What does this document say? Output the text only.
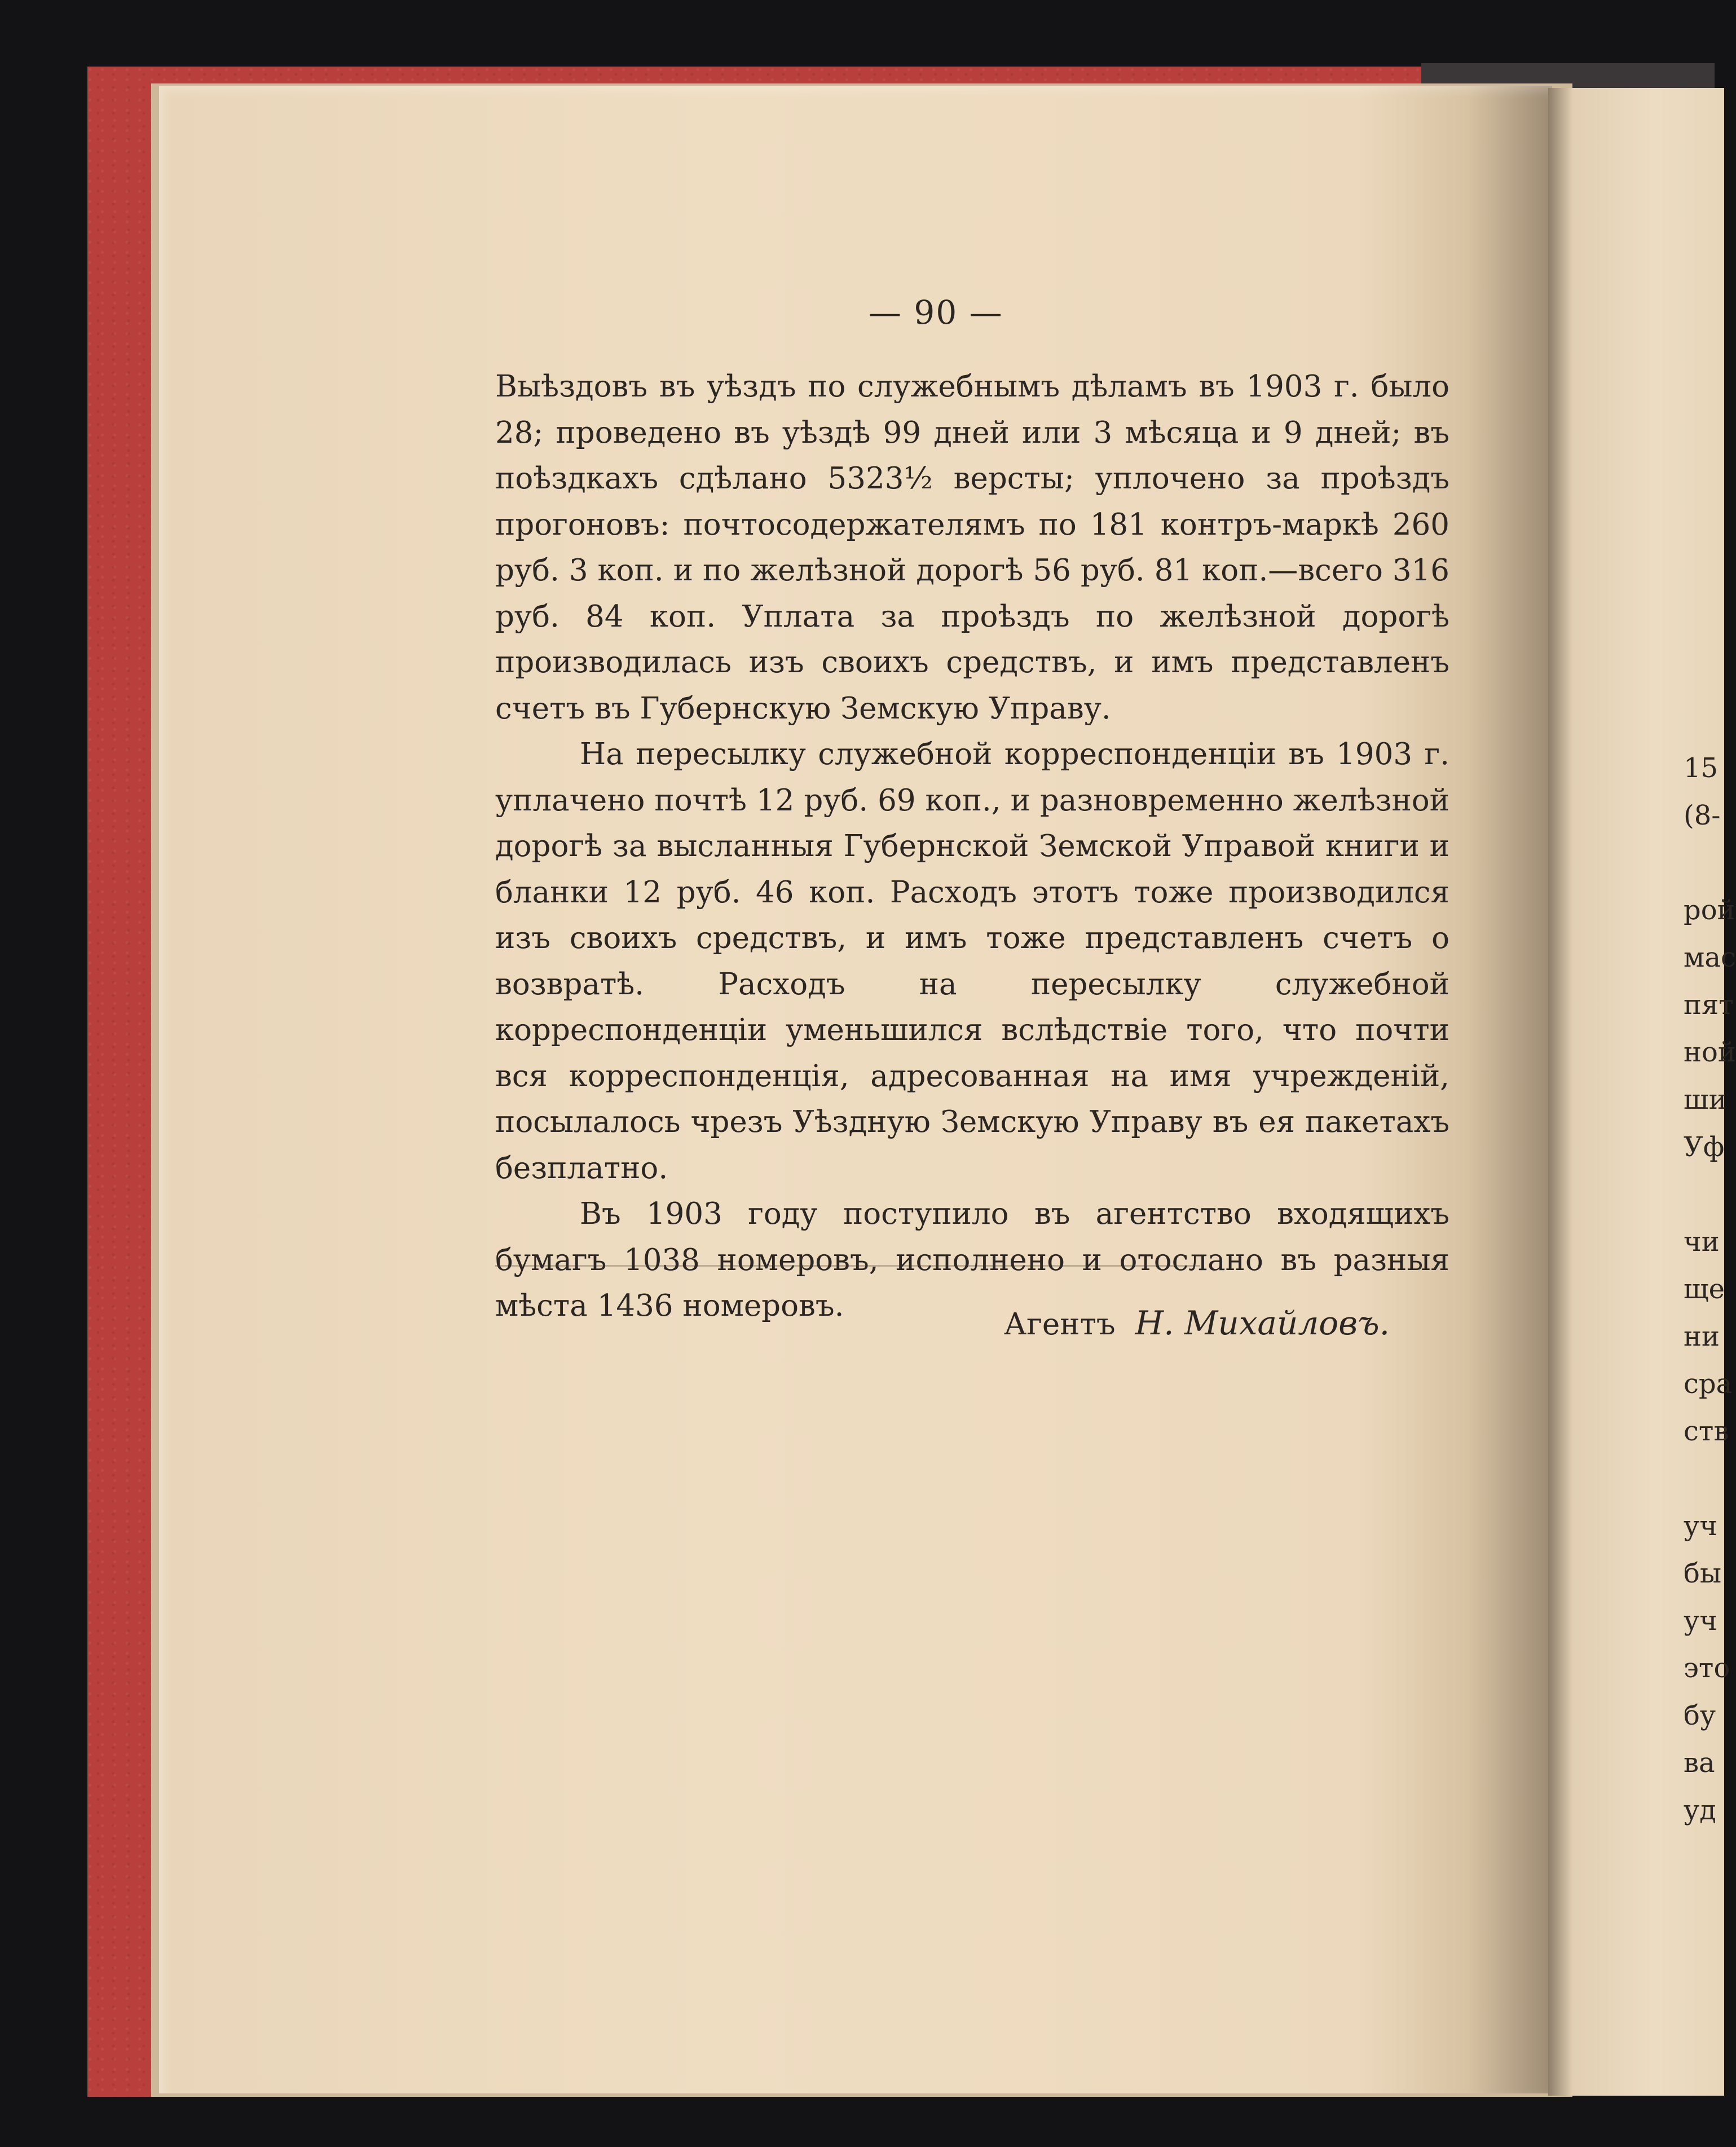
— 90 —

Выѣздовъ въ уѣздъ по служебнымъ дѣламъ въ 1903 г. было 28; проведено въ уѣздѣ 99 дней или 3 мѣсяца и 9 дней; въ поѣздкахъ сдѣлано 5323½ версты; уплочено за проѣздъ прогоновъ: почтосодержателямъ по 181 контръ-маркѣ 260 руб. 3 коп. и по желѣзной дорогѣ 56 руб. 81 коп.—всего 316 руб. 84 коп. Уплата за проѣздъ по желѣзной дорогѣ производилась изъ своихъ средствъ, и имъ представленъ счетъ въ Губернскую Земскую Управу.

На пересылку служебной корреспонденціи въ 1903 г. уплачено почтѣ 12 руб. 69 коп., и разновременно желѣзной дорогѣ за высланныя Губернской Земской Управой книги и бланки 12 руб. 46 коп. Расходъ этотъ тоже производился изъ своихъ средствъ, и имъ тоже представленъ счетъ о возвратѣ. Расходъ на пересылку служебной корреспонденціи уменьшился вслѣдствіе того, что почти вся корреспонденція, адресованная на имя учрежденій, посылалось чрезъ Уѣздную Земскую Управу въ ея пакетахъ безплатно.

Въ 1903 году поступило въ агентство входящихъ бумагъ 1038 номеровъ, исполнено и отослано въ разныя мѣста 1436 номеровъ.

Агентъ Н. Михайловъ.
15
(8-

рой
мас
пят
ной
ши
Уф

чи
ще
ни
сра
ств

уч
бы
уч
это
бу
ва
уд
